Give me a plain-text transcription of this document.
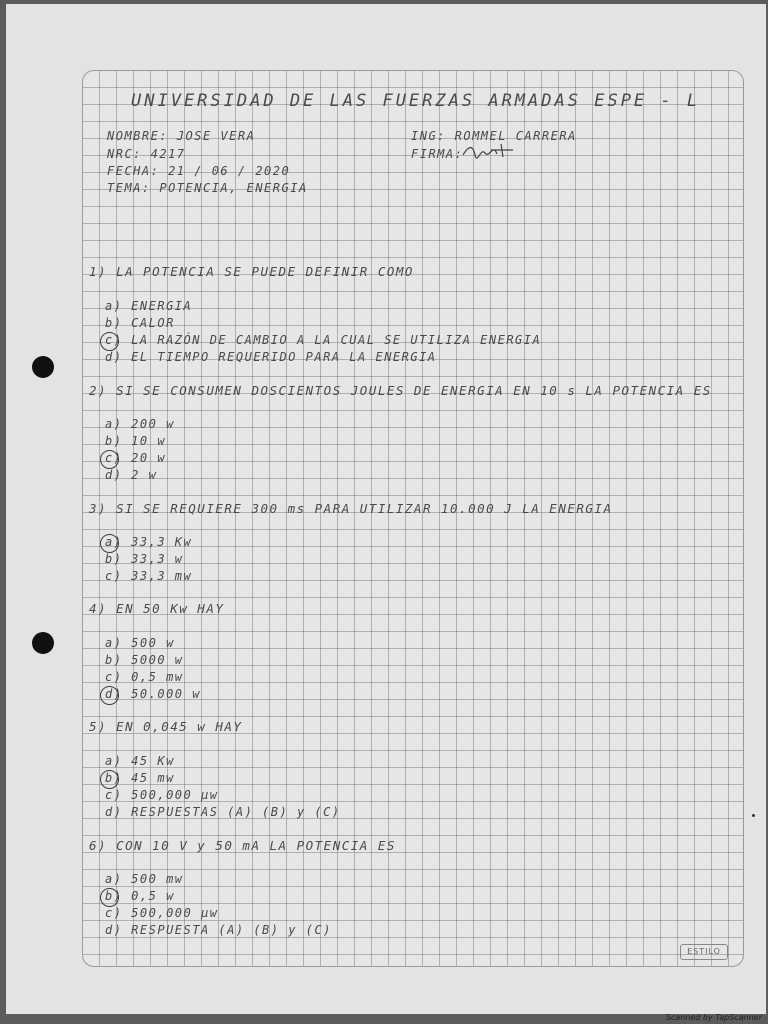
UNIVERSIDAD DE LAS FUERZAS ARMADAS ESPE - L
NOMBRE: JOSE VERA
NRC: 4217
FECHA: 21 / 06 / 2020
TEMA: POTENCIA, ENERGIA
ING: ROMMEL CARRERA
FIRMA:
1) LA POTENCIA SE PUEDE DEFINIR COMO
a) ENERGIA
b) CALOR
c) LA RAZÓN DE CAMBIO A LA CUAL SE UTILIZA ENERGIA
d) EL TIEMPO REQUERIDO PARA LA ENERGIA
2) SI SE CONSUMEN DOSCIENTOS JOULES DE ENERGIA EN 10 s LA POTENCIA ES
a) 200 w
b) 10 w
c) 20 w
d) 2 w
3) SI SE REQUIERE 300 ms PARA UTILIZAR 10.000 J LA ENERGIA
a) 33,3 Kw
b) 33,3 w
c) 33,3 mw
4) EN 50 Kw HAY
a) 500 w
b) 5000 w
c) 0,5 mw
d) 50.000 w
5) EN 0,045 w HAY
a) 45 Kw
b) 45 mw
c) 500,000 μw
d) RESPUESTAS (A) (B) y (C)
6) CON 10 V y 50 mA LA POTENCIA ES
a) 500 mw
b) 0,5 w
c) 500,000 μw
d) RESPUESTA (A) (B) y (C)
ESTILO
Scanned by TapScanner
